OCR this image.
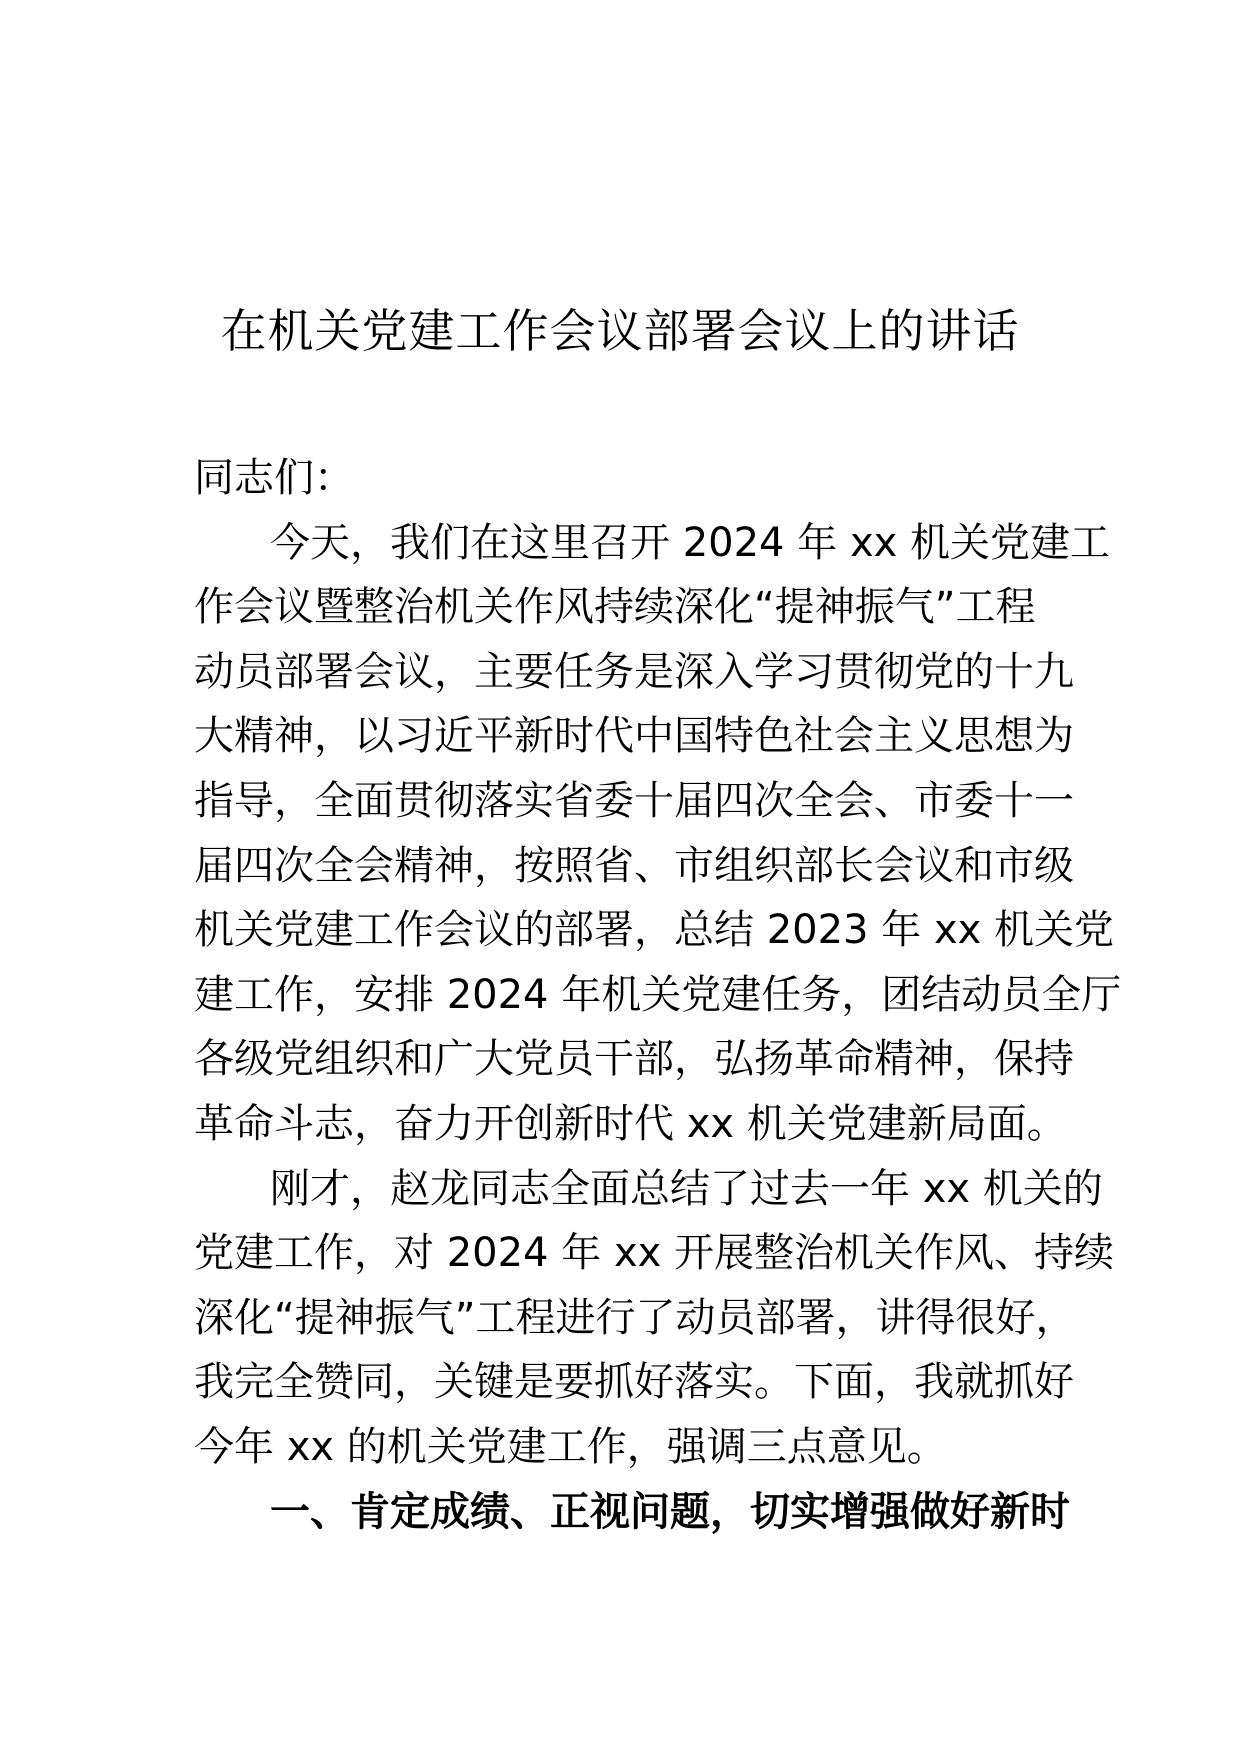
在机关党建工作会议部署会议上的讲话
同志们：
今天，我们在这里召开 2024 年 xx 机关党建工
作会议暨整治机关作风持续深化“提神振气”工程
动员部署会议，主要任务是深入学习贯彻党的十九
大精神，以习近平新时代中国特色社会主义思想为
指导，全面贯彻落实省委十届四次全会、市委十一
届四次全会精神，按照省、市组织部长会议和市级
机关党建工作会议的部署，总结 2023 年 xx 机关党
建工作，安排 2024 年机关党建任务，团结动员全厅
各级党组织和广大党员干部，弘扬革命精神，保持
革命斗志，奋力开创新时代 xx 机关党建新局面。
刚才，赵龙同志全面总结了过去一年 xx 机关的
党建工作，对 2024 年 xx 开展整治机关作风、持续
深化“提神振气”工程进行了动员部署，讲得很好，
我完全赞同，关键是要抓好落实。下面，我就抓好
今年 xx 的机关党建工作，强调三点意见。
一、肯定成绩、正视问题，切实增强做好新时
